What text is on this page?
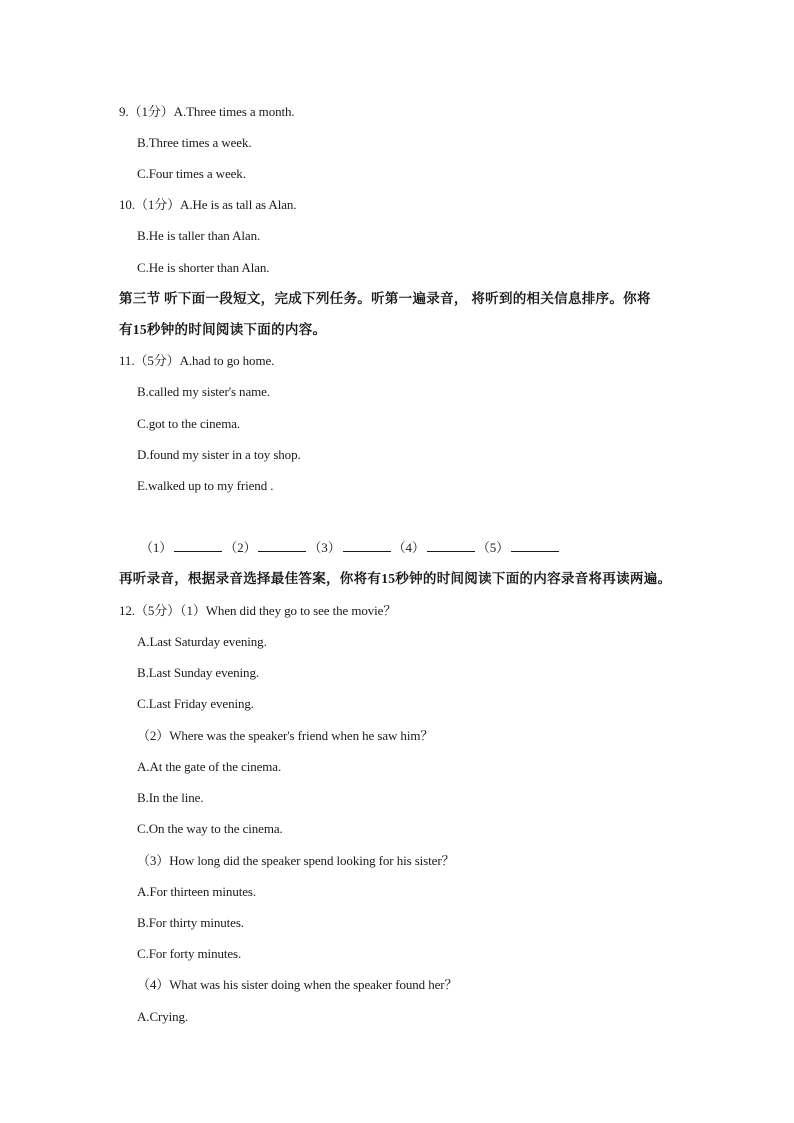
9.（1分）A.Three times a month.
B.Three times a week.
C.Four times a week.
10.（1分）A.He is as tall as Alan.
B.He is taller than Alan.
C.He is shorter than Alan.
第三节 听下面一段短文，完成下列任务。听第一遍录音， 将听到的相关信息排序。你将
有15秒钟的时间阅读下面的内容。
11.（5分）A.had to go home.
B.called my sister's name.
C.got to the cinema.
D.found my sister in a toy shop.
E.walked up to my friend .
（1）	（2）	（3）	（4）	（5）
再听录音，根据录音选择最佳答案，你将有15秒钟的时间阅读下面的内容录音将再读两遍。
12.（5分）（1）When did they go to see the movie？
A.Last Saturday evening.
B.Last Sunday evening.
C.Last Friday evening.
（2）Where was the speaker's friend when he saw him？
A.At the gate of the cinema.
B.In the line.
C.On the way to the cinema.
（3）How long did the speaker spend looking for his sister？
A.For thirteen minutes.
B.For thirty minutes.
C.For forty minutes.
（4）What was his sister doing when the speaker found her？
A.Crying.
